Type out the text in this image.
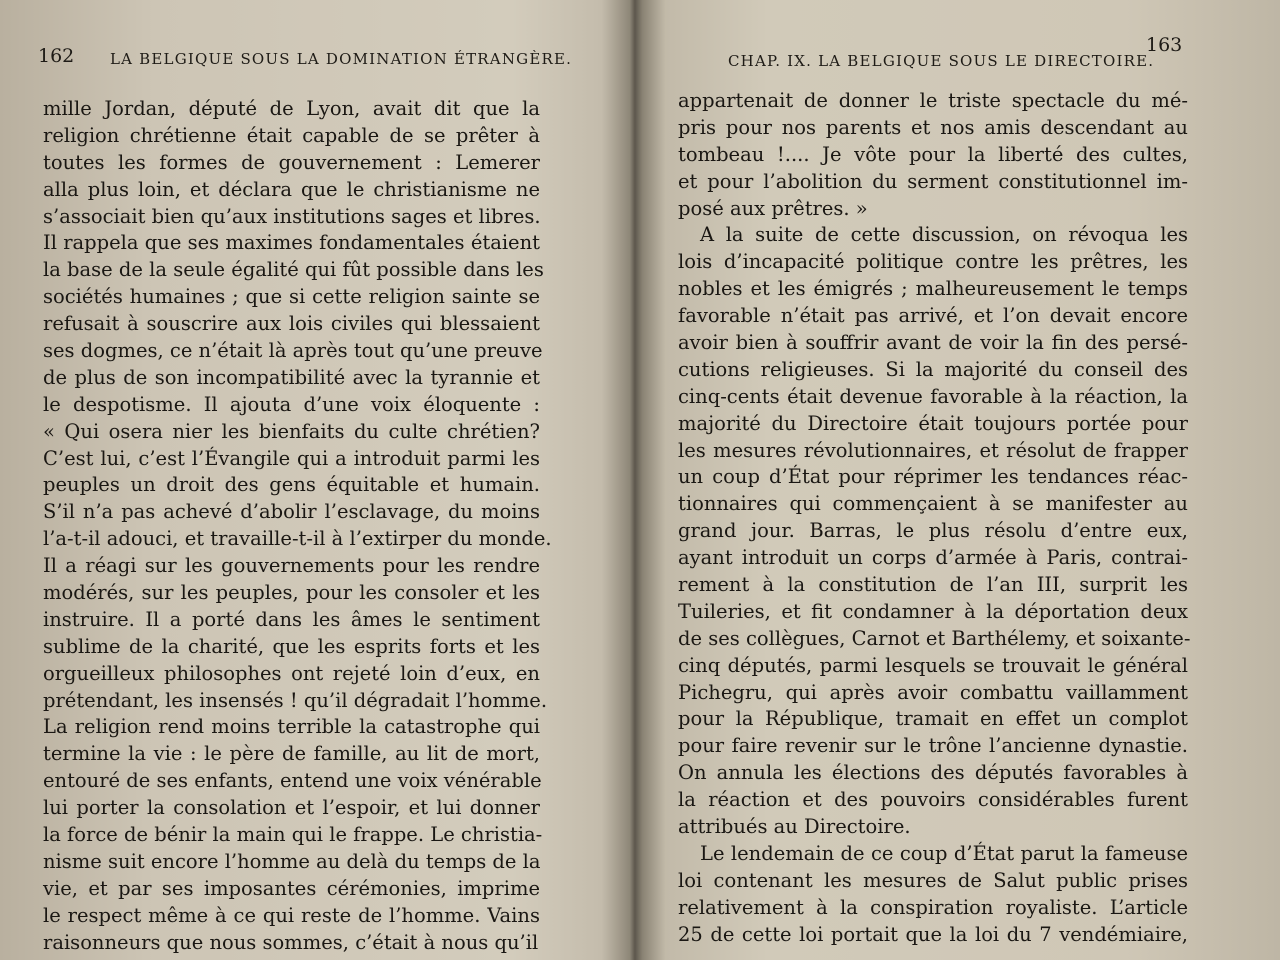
162 LA BELGIQUE SOUS LA DOMINATION ÉTRANGÈRE.
mille Jordan, député de Lyon, avait dit que la
religion chrétienne était capable de se prêter à
toutes les formes de gouvernement : Lemerer
alla plus loin, et déclara que le christianisme ne
s’associait bien qu’aux institutions sages et libres.
Il rappela que ses maximes fondamentales étaient
la base de la seule égalité qui fût possible dans les
sociétés humaines ; que si cette religion sainte se
refusait à souscrire aux lois civiles qui blessaient
ses dogmes, ce n’était là après tout qu’une preuve
de plus de son incompatibilité avec la tyrannie et
le despotisme. Il ajouta d’une voix éloquente :
« Qui osera nier les bienfaits du culte chrétien?
C’est lui, c’est l’Évangile qui a introduit parmi les
peuples un droit des gens équitable et humain.
S’il n’a pas achevé d’abolir l’esclavage, du moins
l’a-t-il adouci, et travaille-t-il à l’extirper du monde.
Il a réagi sur les gouvernements pour les rendre
modérés, sur les peuples, pour les consoler et les
instruire. Il a porté dans les âmes le sentiment
sublime de la charité, que les esprits forts et les
orgueilleux philosophes ont rejeté loin d’eux, en
prétendant, les insensés ! qu’il dégradait l’homme.
La religion rend moins terrible la catastrophe qui
termine la vie : le père de famille, au lit de mort,
entouré de ses enfants, entend une voix vénérable
lui porter la consolation et l’espoir, et lui donner
la force de bénir la main qui le frappe. Le christia-
nisme suit encore l’homme au delà du temps de la
vie, et par ses imposantes cérémonies, imprime
le respect même à ce qui reste de l’homme. Vains
raisonneurs que nous sommes, c’était à nous qu’il
CHAP. IX. LA BELGIQUE SOUS LE DIRECTOIRE.
163
appartenait de donner le triste spectacle du mé-
pris pour nos parents et nos amis descendant au
tombeau !.... Je vôte pour la liberté des cultes,
et pour l’abolition du serment constitutionnel im-
posé aux prêtres. »
A la suite de cette discussion, on révoqua les
lois d’incapacité politique contre les prêtres, les
nobles et les émigrés ; malheureusement le temps
favorable n’était pas arrivé, et l’on devait encore
avoir bien à souffrir avant de voir la fin des persé-
cutions religieuses. Si la majorité du conseil des
cinq-cents était devenue favorable à la réaction, la
majorité du Directoire était toujours portée pour
les mesures révolutionnaires, et résolut de frapper
un coup d’État pour réprimer les tendances réac-
tionnaires qui commençaient à se manifester au
grand jour. Barras, le plus résolu d’entre eux,
ayant introduit un corps d’armée à Paris, contrai-
rement à la constitution de l’an III, surprit les
Tuileries, et fit condamner à la déportation deux
de ses collègues, Carnot et Barthélemy, et soixante-
cinq députés, parmi lesquels se trouvait le général
Pichegru, qui après avoir combattu vaillamment
pour la République, tramait en effet un complot
pour faire revenir sur le trône l’ancienne dynastie.
On annula les élections des députés favorables à
la réaction et des pouvoirs considérables furent
attribués au Directoire.
Le lendemain de ce coup d’État parut la fameuse
loi contenant les mesures de Salut public prises
relativement à la conspiration royaliste. L’article
25 de cette loi portait que la loi du 7 vendémiaire,
